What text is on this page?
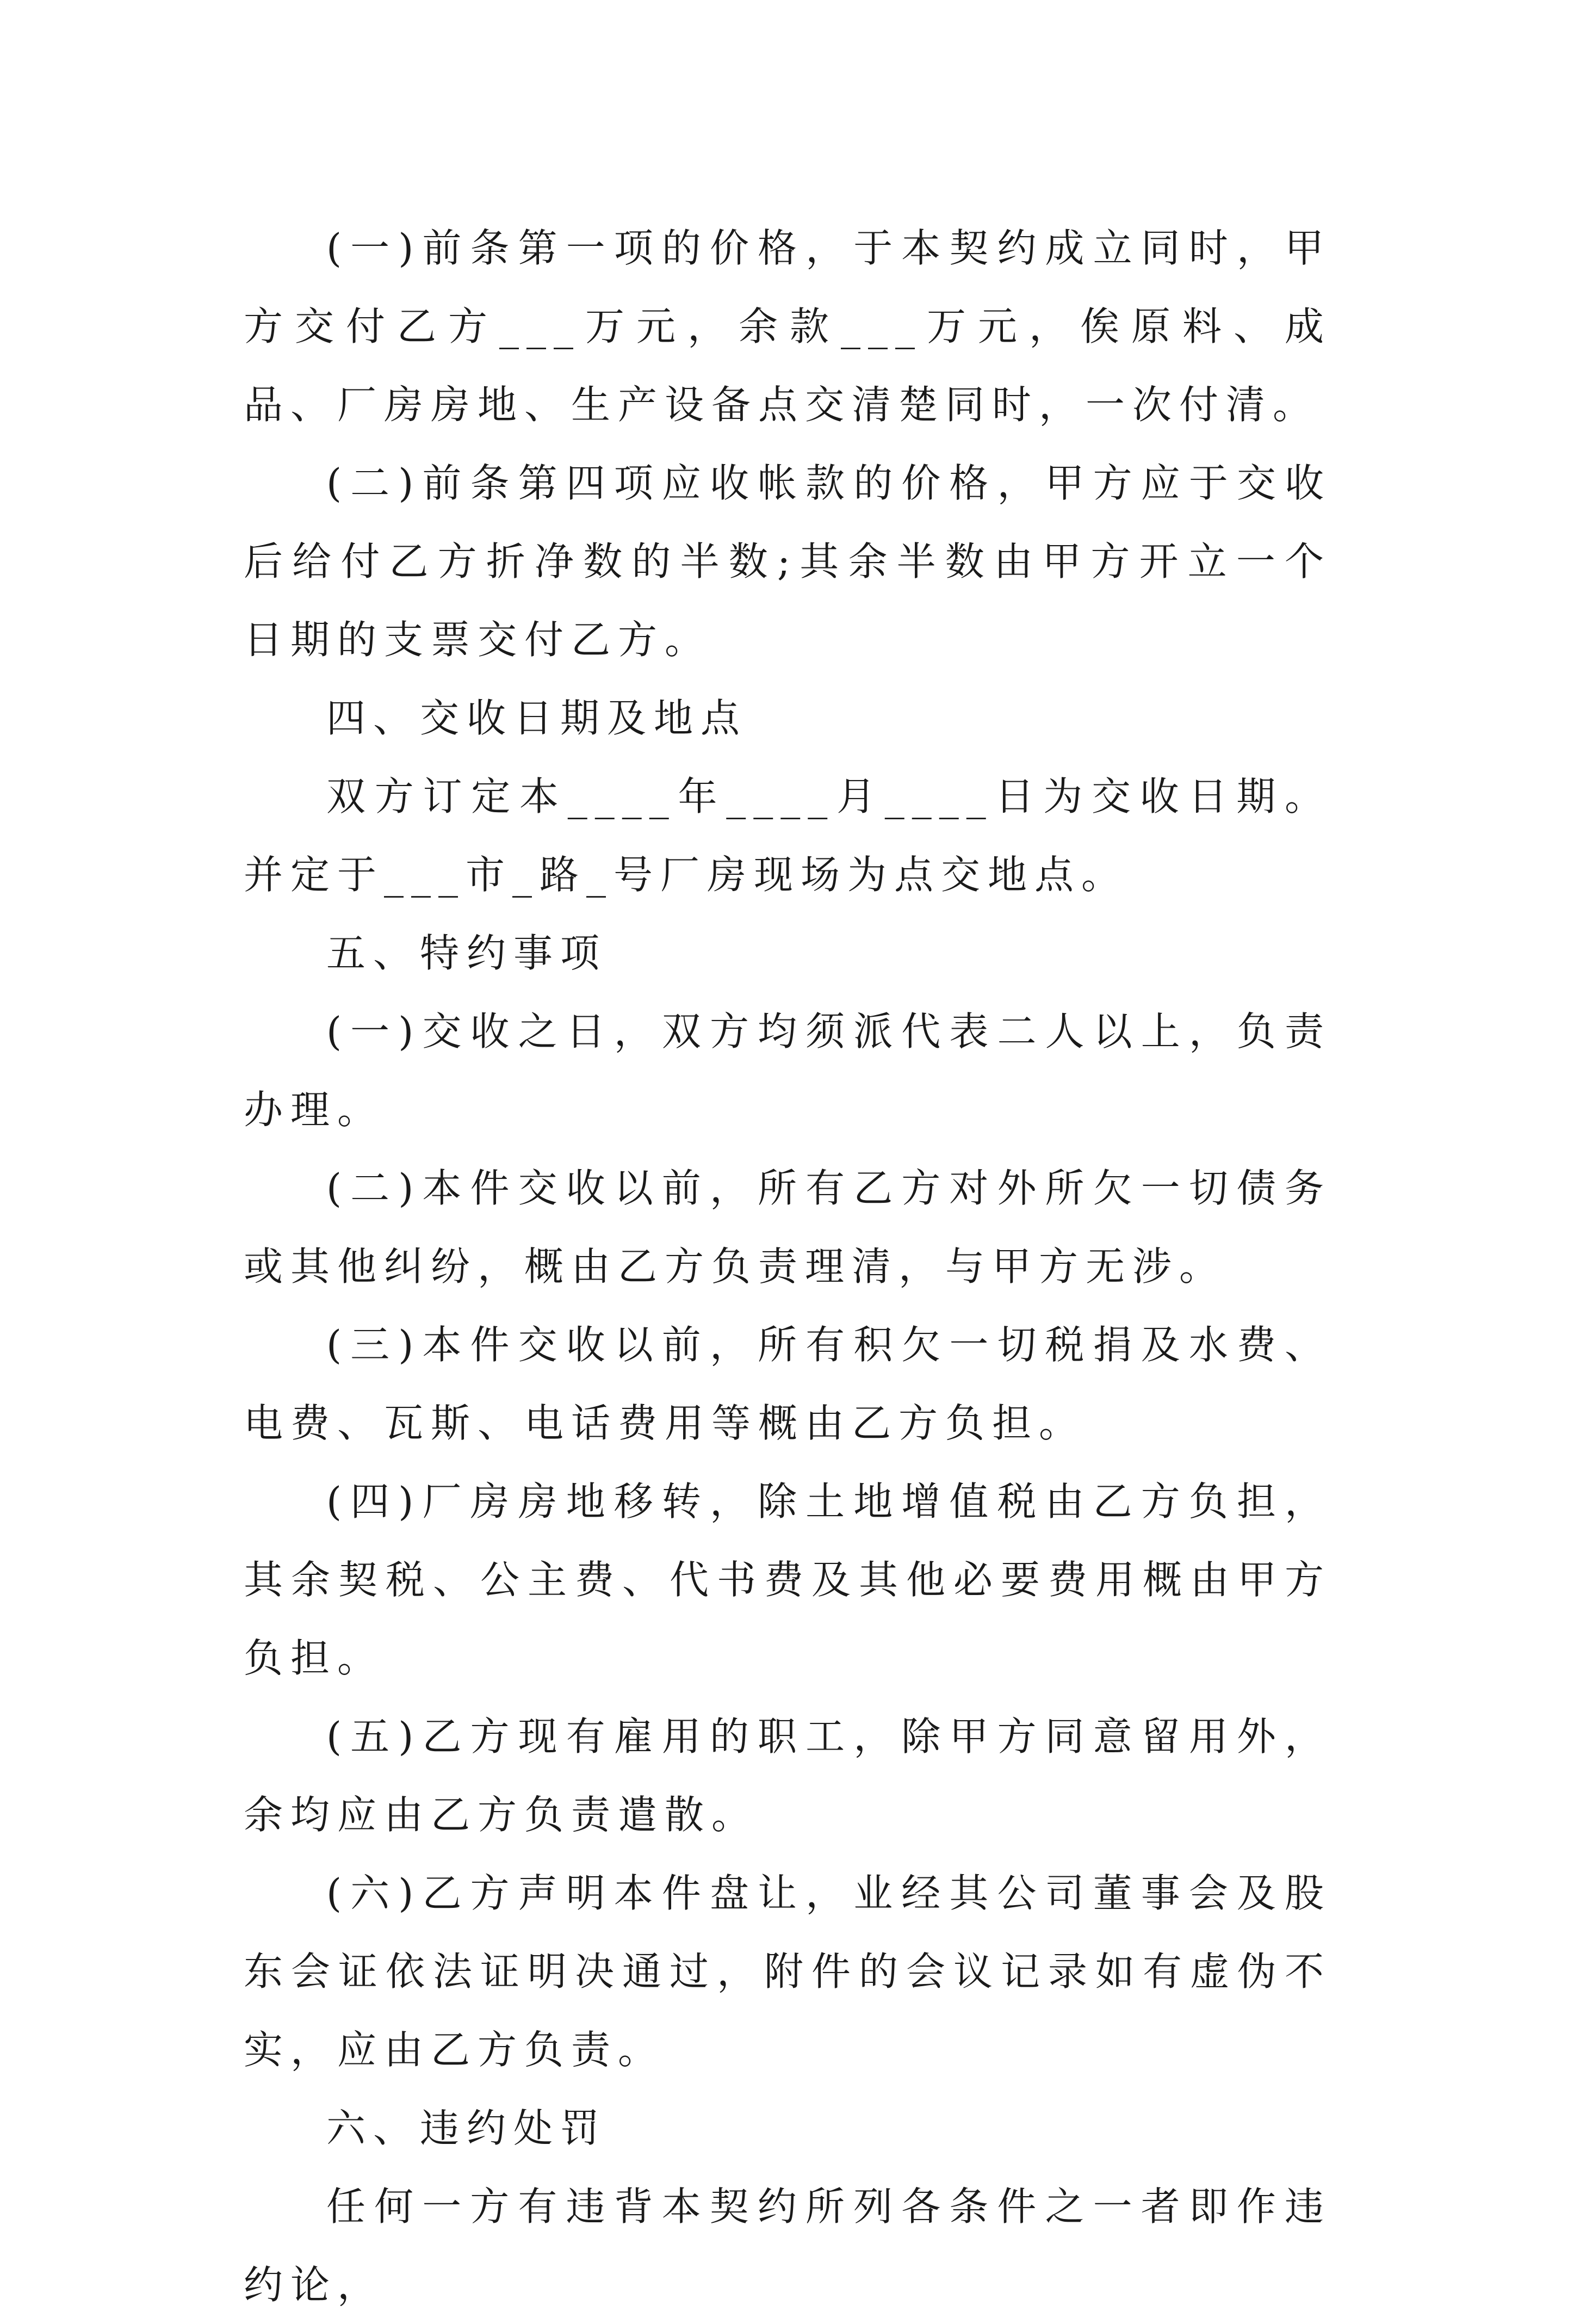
(一)前条第一项的价格，于本契约成立同时，甲方交付乙方___万元，余款___万元，俟原料、成品、厂房房地、生产设备点交清楚同时，一次付清。

(二)前条第四项应收帐款的价格，甲方应于交收后给付乙方折净数的半数;其余半数由甲方开立一个日期的支票交付乙方。

四、交收日期及地点

双方订定本____年____月____日为交收日期。并定于___市_路_号厂房现场为点交地点。

五、特约事项

(一)交收之日，双方均须派代表二人以上，负责办理。

(二)本件交收以前，所有乙方对外所欠一切债务或其他纠纷，概由乙方负责理清，与甲方无涉。

(三)本件交收以前，所有积欠一切税捐及水费、电费、瓦斯、电话费用等概由乙方负担。

(四)厂房房地移转，除土地增值税由乙方负担，其余契税、公主费、代书费及其他必要费用概由甲方负担。

(五)乙方现有雇用的职工，除甲方同意留用外，余均应由乙方负责遣散。

(六)乙方声明本件盘让，业经其公司董事会及股东会证依法证明决通过，附件的会议记录如有虚伪不实，应由乙方负责。

六、违约处罚

任何一方有违背本契约所列各条件之一者即作违约论，
